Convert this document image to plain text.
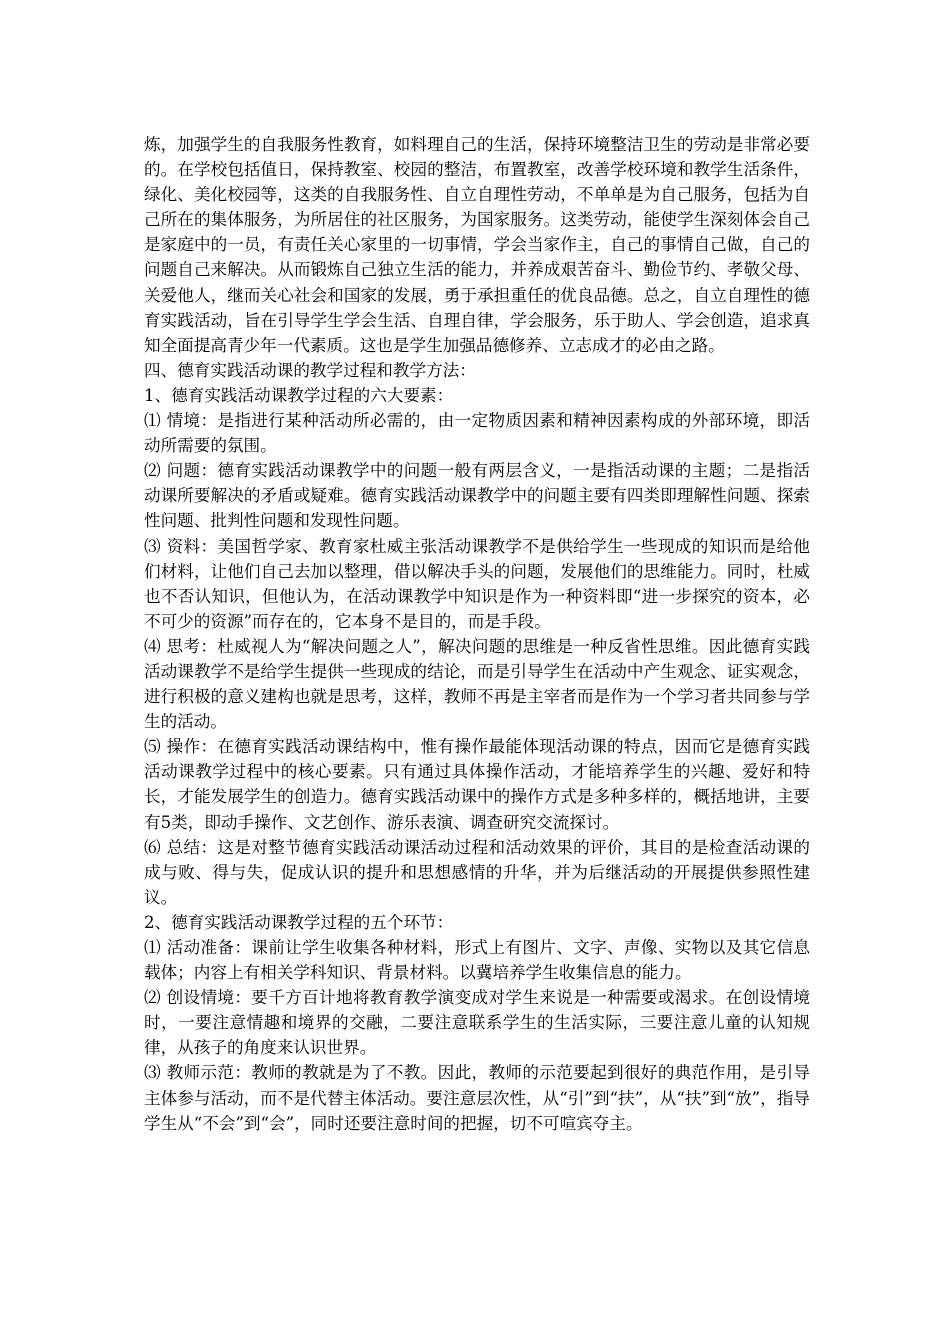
炼，加强学生的自我服务性教育，如料理自己的生活，保持环境整洁卫生的劳动是非常必要的。在学校包括值日，保持教室、校园的整洁，布置教室，改善学校环境和教学生活条件，绿化、美化校园等，这类的自我服务性、自立自理性劳动，不单单是为自己服务，包括为自己所在的集体服务，为所居住的社区服务，为国家服务。这类劳动，能使学生深刻体会自己是家庭中的一员，有责任关心家里的一切事情，学会当家作主，自己的事情自己做，自己的问题自己来解决。从而锻炼自己独立生活的能力，并养成艰苦奋斗、勤俭节约、孝敬父母、关爱他人，继而关心社会和国家的发展，勇于承担重任的优良品德。总之，自立自理性的德育实践活动，旨在引导学生学会生活、自理自律，学会服务，乐于助人、学会创造，追求真知全面提高青少年一代素质。这也是学生加强品德修养、立志成才的必由之路。

四、德育实践活动课的教学过程和教学方法：

1、德育实践活动课教学过程的六大要素：

⑴ 情境：是指进行某种活动所必需的，由一定物质因素和精神因素构成的外部环境，即活动所需要的氛围。

⑵ 问题：德育实践活动课教学中的问题一般有两层含义，一是指活动课的主题；二是指活动课所要解决的矛盾或疑难。德育实践活动课教学中的问题主要有四类即理解性问题、探索性问题、批判性问题和发现性问题。

⑶ 资料：美国哲学家、教育家杜威主张活动课教学不是供给学生一些现成的知识而是给他们材料，让他们自己去加以整理，借以解决手头的问题，发展他们的思维能力。同时，杜威也不否认知识，但他认为，在活动课教学中知识是作为一种资料即“进一步探究的资本，必不可少的资源”而存在的，它本身不是目的，而是手段。

⑷ 思考：杜威视人为“解决问题之人”，解决问题的思维是一种反省性思维。因此德育实践活动课教学不是给学生提供一些现成的结论，而是引导学生在活动中产生观念、证实观念，进行积极的意义建构也就是思考，这样，教师不再是主宰者而是作为一个学习者共同参与学生的活动。

⑸ 操作：在德育实践活动课结构中，惟有操作最能体现活动课的特点，因而它是德育实践活动课教学过程中的核心要素。只有通过具体操作活动，才能培养学生的兴趣、爱好和特长，才能发展学生的创造力。德育实践活动课中的操作方式是多种多样的，概括地讲，主要有5类，即动手操作、文艺创作、游乐表演、调查研究交流探讨。

⑹ 总结：这是对整节德育实践活动课活动过程和活动效果的评价，其目的是检查活动课的成与败、得与失，促成认识的提升和思想感情的升华，并为后继活动的开展提供参照性建议。

2、德育实践活动课教学过程的五个环节：

⑴ 活动准备：课前让学生收集各种材料，形式上有图片、文字、声像、实物以及其它信息载体；内容上有相关学科知识、背景材料。以冀培养学生收集信息的能力。

⑵ 创设情境：要千方百计地将教育教学演变成对学生来说是一种需要或渴求。在创设情境时，一要注意情趣和境界的交融，二要注意联系学生的生活实际，三要注意儿童的认知规律，从孩子的角度来认识世界。

⑶ 教师示范：教师的教就是为了不教。因此，教师的示范要起到很好的典范作用，是引导主体参与活动，而不是代替主体活动。要注意层次性，从“引”到“扶”，从“扶”到“放”，指导学生从“不会”到“会”，同时还要注意时间的把握，切不可喧宾夺主。
